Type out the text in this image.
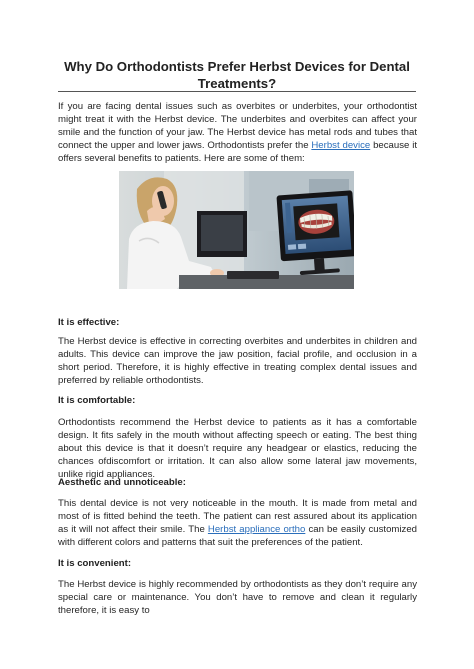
Why Do Orthodontists Prefer Herbst Devices for Dental Treatments?

If you are facing dental issues such as overbites or underbites, your orthodontist might treat it with the Herbst device. The underbites and overbites can affect your smile and the function of your jaw. The Herbst device has metal rods and tubes that connect the upper and lower jaws. Orthodontists prefer the Herbst device because it offers several benefits to patients. Here are some of them:

It is effective:

The Herbst device is effective in correcting overbites and underbites in children and adults. This device can improve the jaw position, facial profile, and occlusion in a short period. Therefore, it is highly effective in treating complex dental issues and preferred by reliable orthodontists.

It is comfortable:

Orthodontists recommend the Herbst device to patients as it has a comfortable design. It fits safely in the mouth without affecting speech or eating. The best thing about this device is that it doesn’t require any headgear or elastics, reducing the chances ofdiscomfort or irritation. It can also allow some lateral jaw movements, unlike rigid appliances.

Aesthetic and unnoticeable:

This dental device is not very noticeable in the mouth. It is made from metal and most of is fitted behind the teeth. The patient can rest assured about its application as it will not affect their smile. The Herbst appliance ortho can be easily customized with different colors and patterns that suit the preferences of the patient.

It is convenient:

The Herbst device is highly recommended by orthodontists as they don’t require any special care or maintenance. You don’t have to remove and clean it regularly therefore, it is easy to
